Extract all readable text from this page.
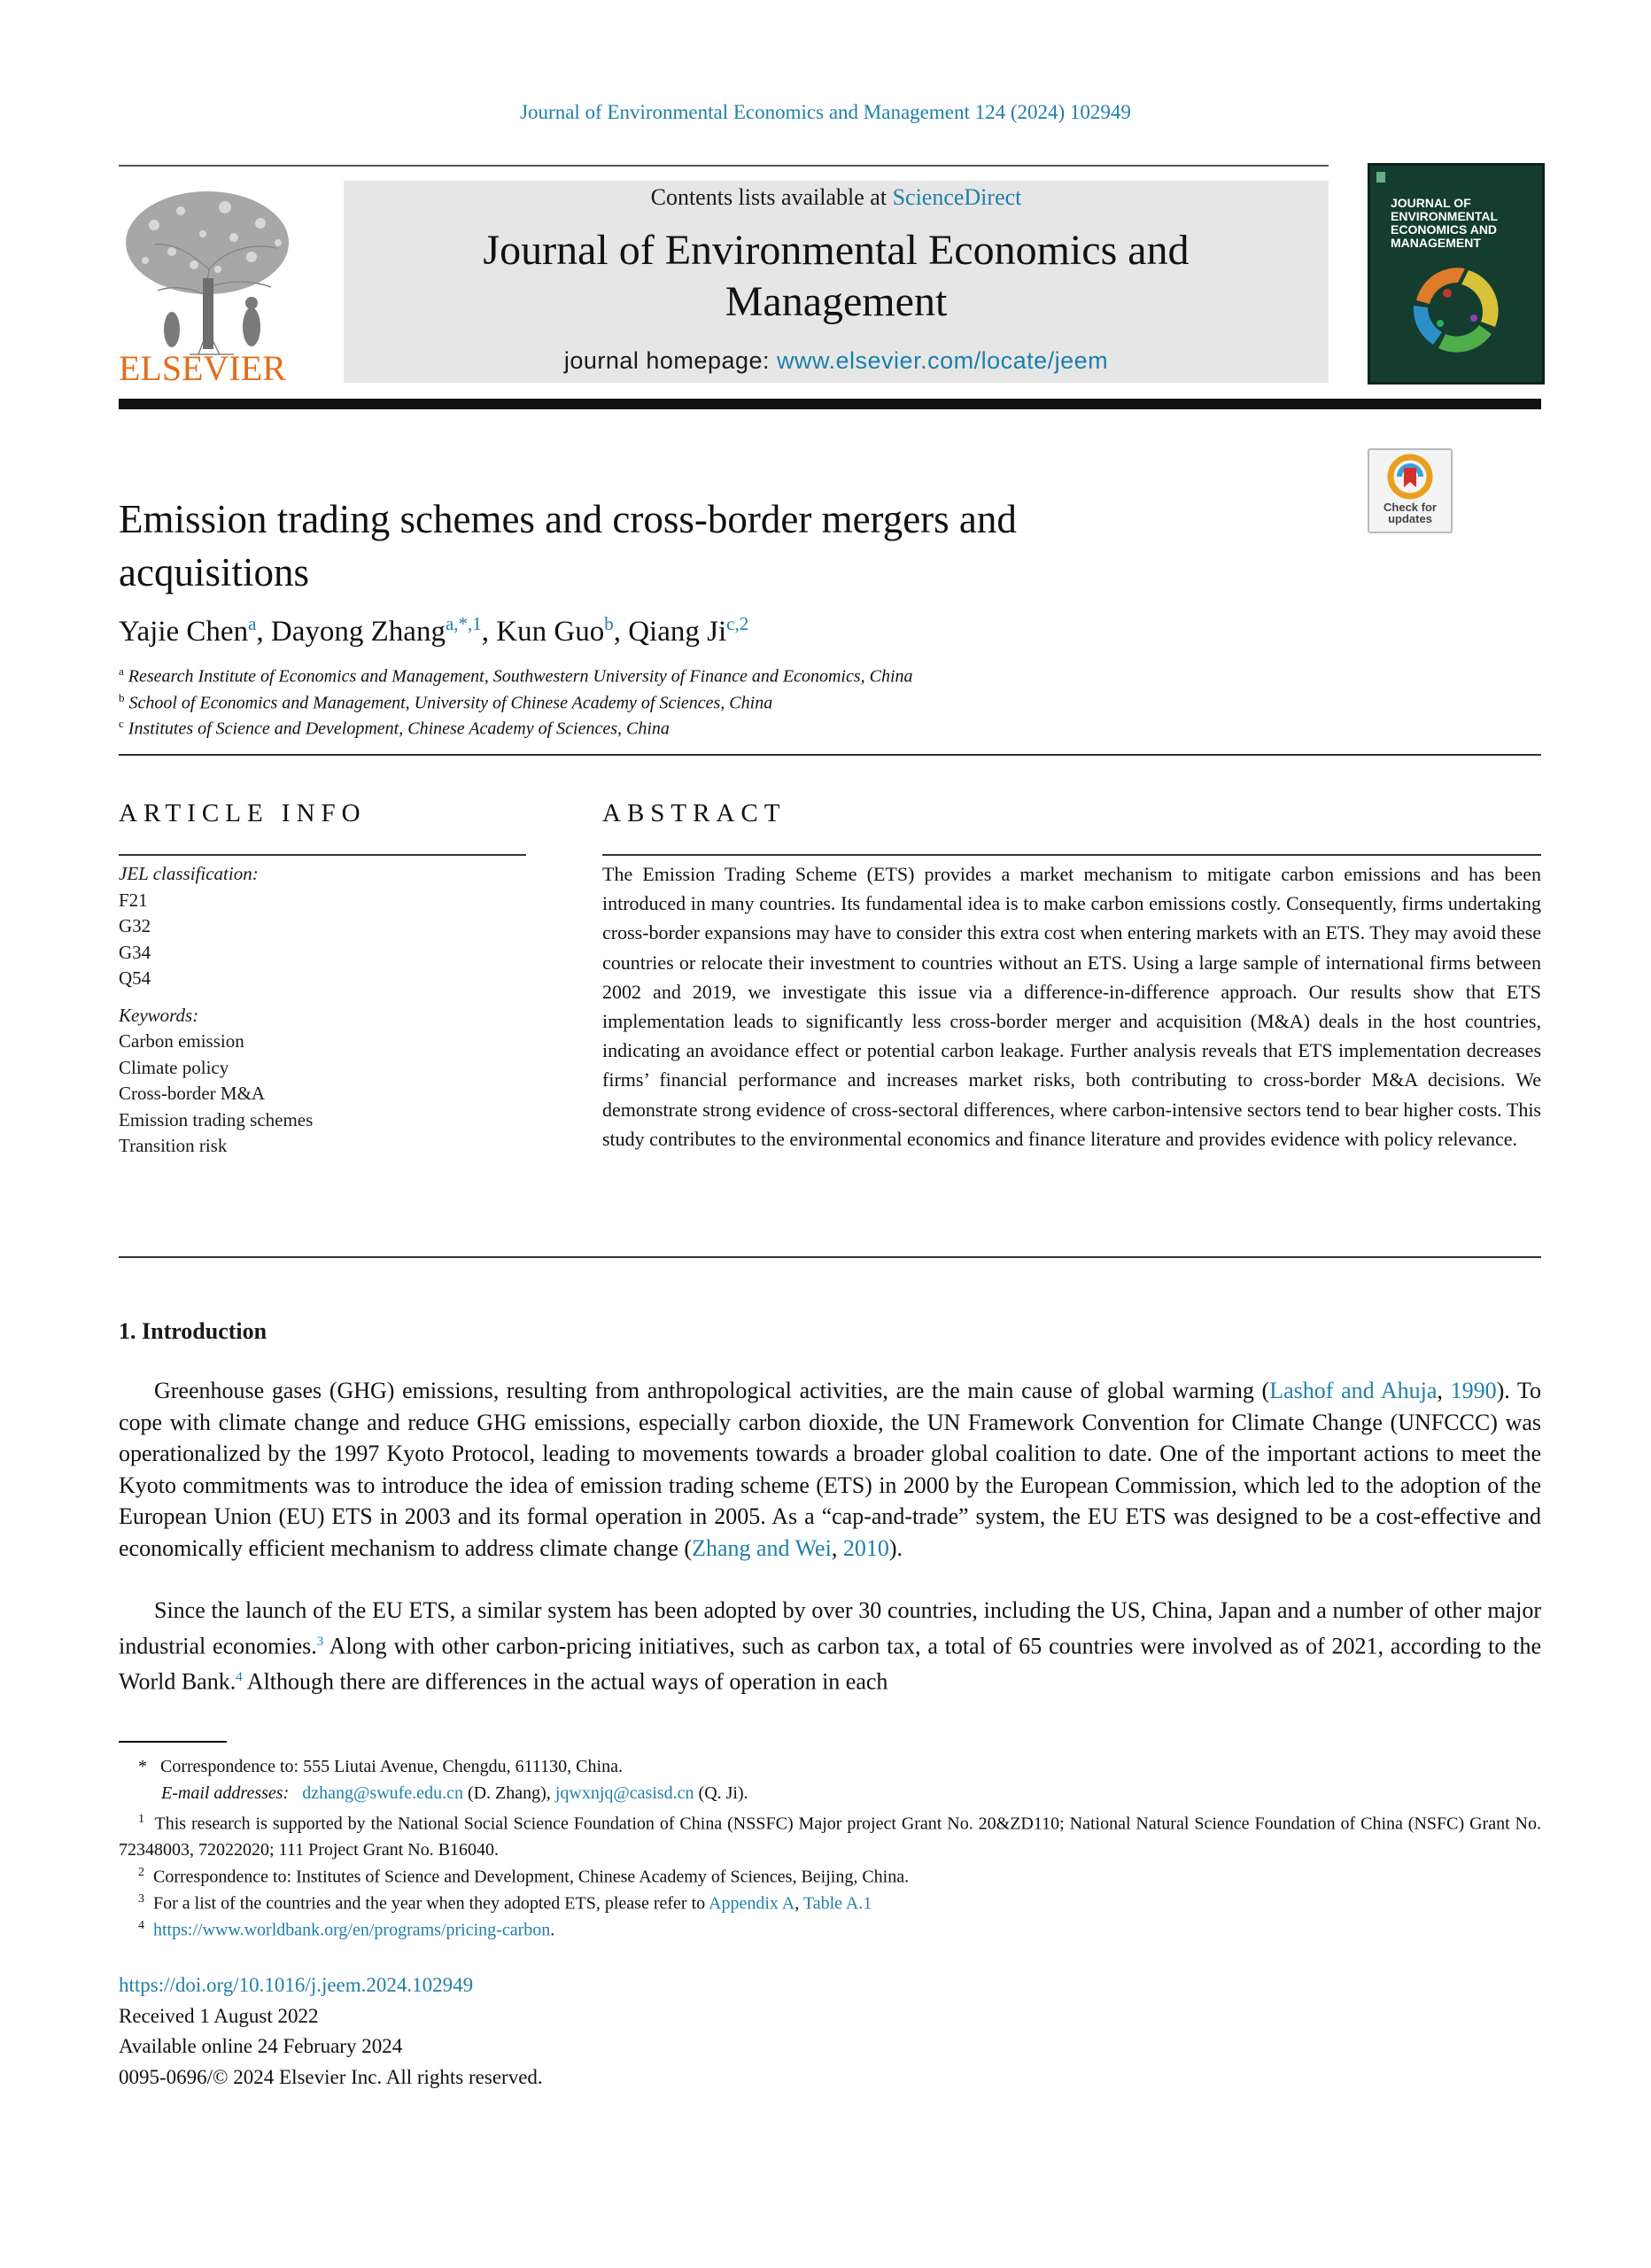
Journal of Environmental Economics and Management 124 (2024) 102949
ELSEVIER
Contents lists available at ScienceDirect
Journal of Environmental Economics and
Management
journal homepage: www.elsevier.com/locate/jeem
JOURNAL OF ENVIRONMENTAL ECONOMICS AND MANAGEMENT
Check for updates
Emission trading schemes and cross-border mergers and
acquisitions
Yajie Chen$^a$, Dayong Zhang$^{a,*,1}$, Kun Guo$^b$, Qiang Ji$^{c,2}$
$^a$ Research Institute of Economics and Management, Southwestern University of Finance and Economics, China
$^b$ School of Economics and Management, University of Chinese Academy of Sciences, China
$^c$ Institutes of Science and Development, Chinese Academy of Sciences, China
ARTICLE INFO
JEL classification:
F21
G32
G34
Q54
Keywords:
Carbon emission
Climate policy
Cross-border M&A
Emission trading schemes
Transition risk
ABSTRACT
The Emission Trading Scheme (ETS) provides a market mechanism to mitigate carbon emissions and has been introduced in many countries. Its fundamental idea is to make carbon emissions costly. Consequently, firms undertaking cross-border expansions may have to consider this extra cost when entering markets with an ETS. They may avoid these countries or relocate their investment to countries without an ETS. Using a large sample of international firms between 2002 and 2019, we investigate this issue via a difference-in-difference approach. Our results show that ETS implementation leads to significantly less cross-border merger and acquisition (M&A) deals in the host countries, indicating an avoidance effect or potential carbon leakage. Further analysis reveals that ETS implementation decreases firms’ financial performance and increases market risks, both contributing to cross-border M&A decisions. We demonstrate strong evidence of cross-sectoral differences, where carbon-intensive sectors tend to bear higher costs. This study contributes to the environmental economics and finance literature and provides evidence with policy relevance.
1. Introduction
Greenhouse gases (GHG) emissions, resulting from anthropological activities, are the main cause of global warming (Lashof and Ahuja, 1990). To cope with climate change and reduce GHG emissions, especially carbon dioxide, the UN Framework Convention for Climate Change (UNFCCC) was operationalized by the 1997 Kyoto Protocol, leading to movements towards a broader global coalition to date. One of the important actions to meet the Kyoto commitments was to introduce the idea of emission trading scheme (ETS) in 2000 by the European Commission, which led to the adoption of the European Union (EU) ETS in 2003 and its formal operation in 2005. As a “cap-and-trade” system, the EU ETS was designed to be a cost-effective and economically efficient mechanism to address climate change (Zhang and Wei, 2010).
Since the launch of the EU ETS, a similar system has been adopted by over 30 countries, including the US, China, Japan and a number of other major industrial economies.$^3$ Along with other carbon-pricing initiatives, such as carbon tax, a total of 65 countries were involved as of 2021, according to the World Bank.$^4$ Although there are differences in the actual ways of operation in each
* Correspondence to: 555 Liutai Avenue, Chengdu, 611130, China.
E-mail addresses: dzhang@swufe.edu.cn (D. Zhang), jqwxnjq@casisd.cn (Q. Ji).
$^1$ This research is supported by the National Social Science Foundation of China (NSSFC) Major project Grant No. 20&ZD110; National Natural Science Foundation of China (NSFC) Grant No. 72348003, 72022020; 111 Project Grant No. B16040.
$^2$ Correspondence to: Institutes of Science and Development, Chinese Academy of Sciences, Beijing, China.
$^3$ For a list of the countries and the year when they adopted ETS, please refer to Appendix A, Table A.1
$^4$ https://www.worldbank.org/en/programs/pricing-carbon.
https://doi.org/10.1016/j.jeem.2024.102949
Received 1 August 2022
Available online 24 February 2024
0095-0696/© 2024 Elsevier Inc. All rights reserved.
